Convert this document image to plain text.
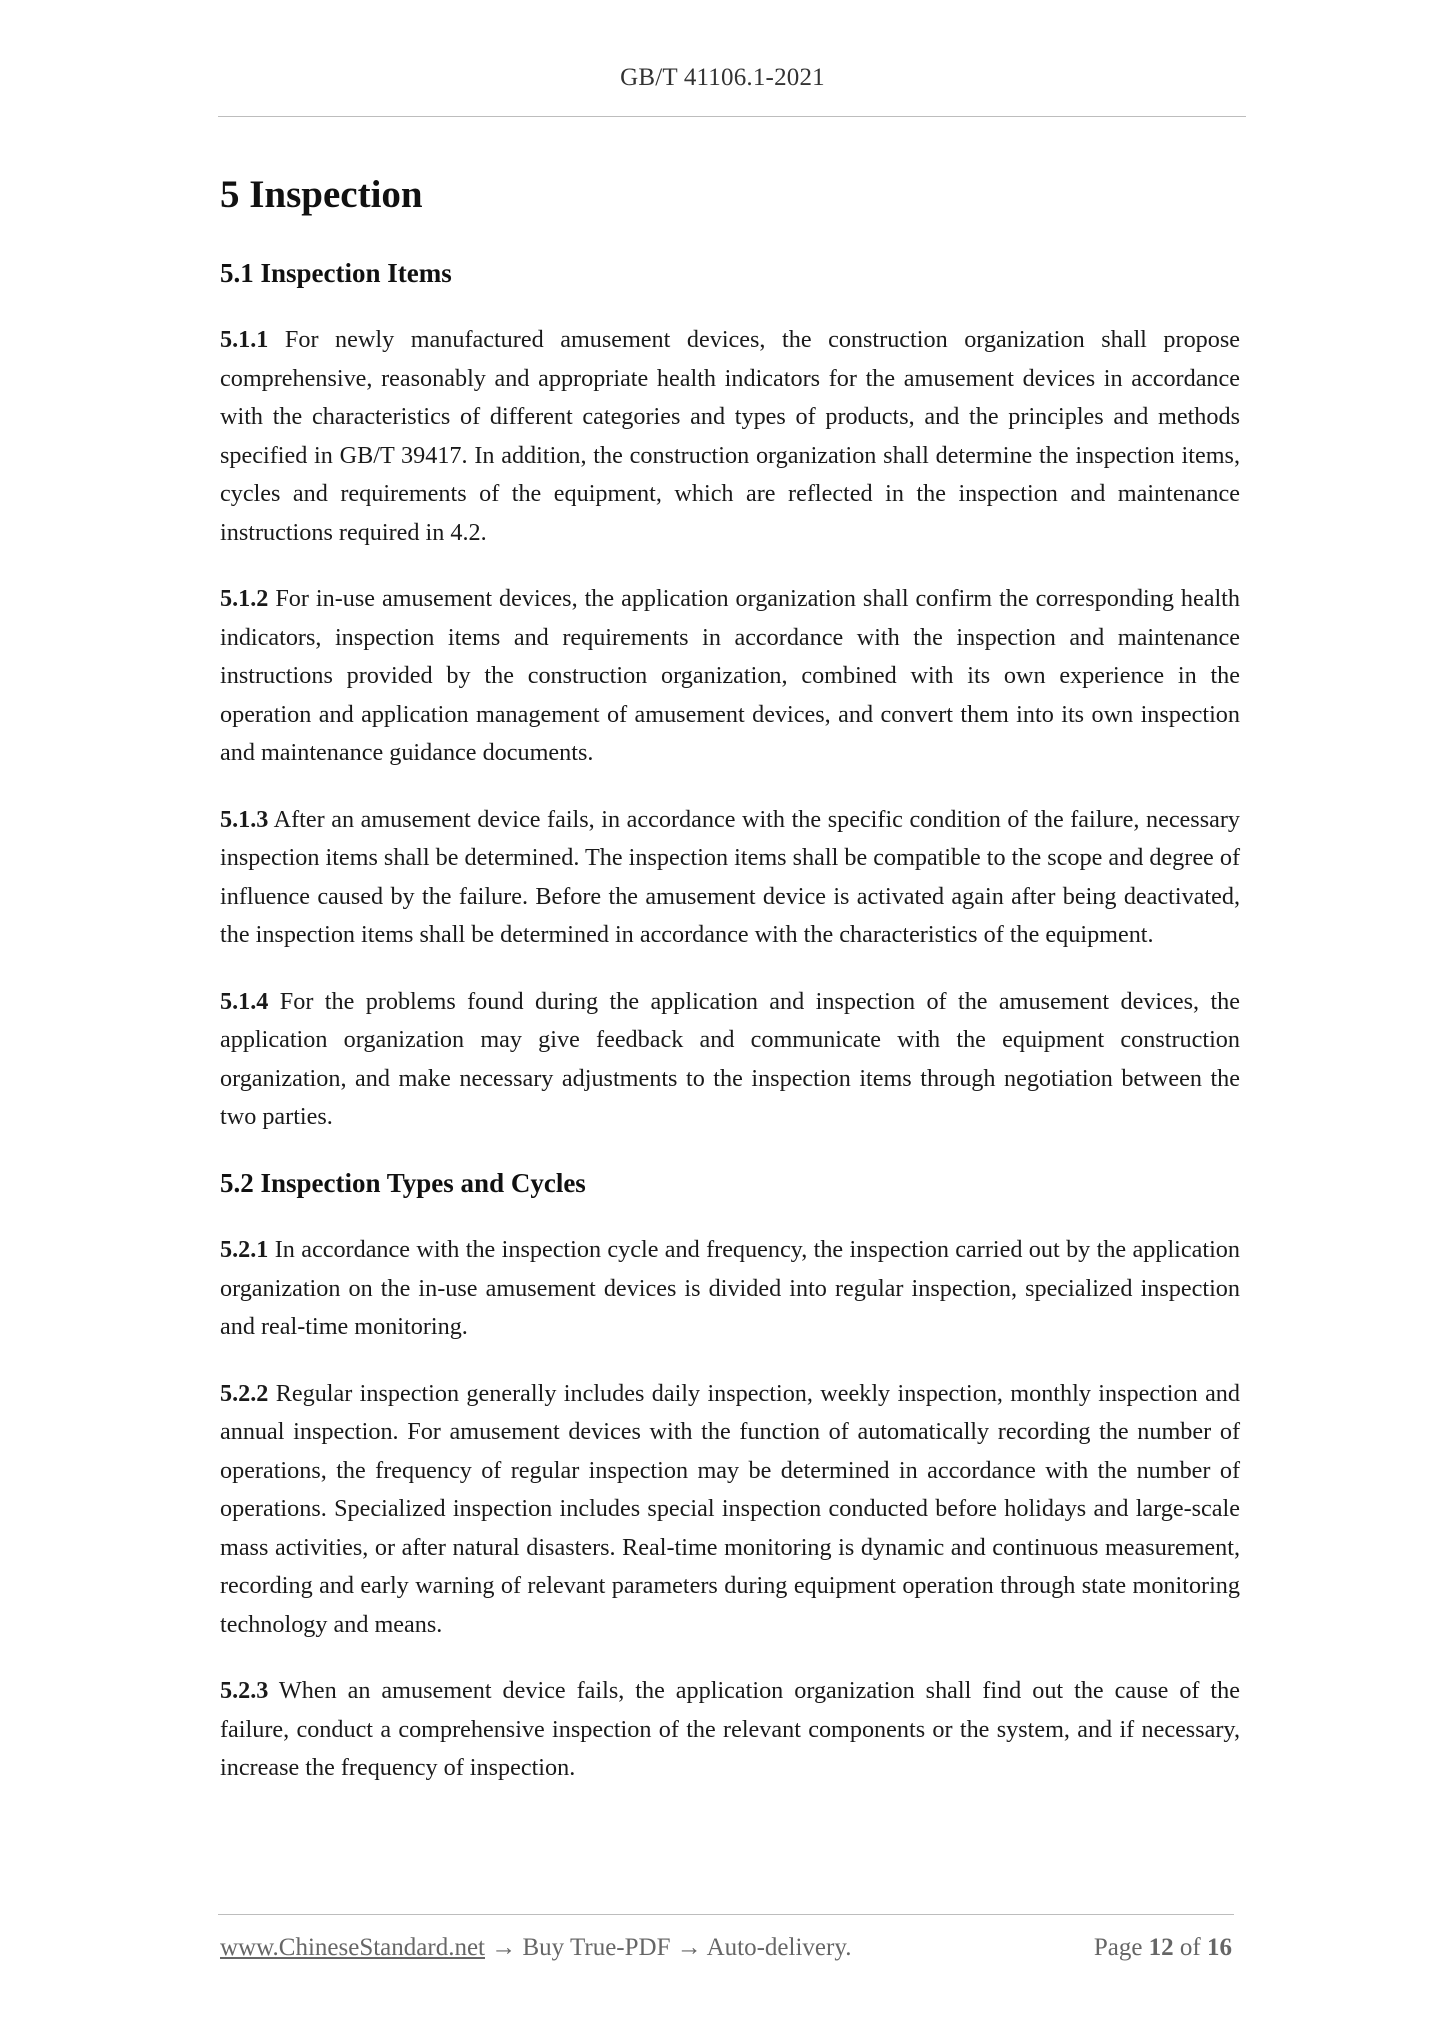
GB/T 41106.1-2021
5 Inspection
5.1 Inspection Items

5.1.1 For newly manufactured amusement devices, the construction organization shall propose comprehensive, reasonably and appropriate health indicators for the amusement devices in accordance with the characteristics of different categories and types of products, and the principles and methods specified in GB/T 39417. In addition, the construction organization shall determine the inspection items, cycles and requirements of the equipment, which are reflected in the inspection and maintenance instructions required in 4.2.

5.1.2 For in-use amusement devices, the application organization shall confirm the corresponding health indicators, inspection items and requirements in accordance with the inspection and maintenance instructions provided by the construction organization, combined with its own experience in the operation and application management of amusement devices, and convert them into its own inspection and maintenance guidance documents.

5.1.3 After an amusement device fails, in accordance with the specific condition of the failure, necessary inspection items shall be determined. The inspection items shall be compatible to the scope and degree of influence caused by the failure. Before the amusement device is activated again after being deactivated, the inspection items shall be determined in accordance with the characteristics of the equipment.

5.1.4 For the problems found during the application and inspection of the amusement devices, the application organization may give feedback and communicate with the equipment construction organization, and make necessary adjustments to the inspection items through negotiation between the two parties.

5.2 Inspection Types and Cycles

5.2.1 In accordance with the inspection cycle and frequency, the inspection carried out by the application organization on the in-use amusement devices is divided into regular inspection, specialized inspection and real-time monitoring.

5.2.2 Regular inspection generally includes daily inspection, weekly inspection, monthly inspection and annual inspection. For amusement devices with the function of automatically recording the number of operations, the frequency of regular inspection may be determined in accordance with the number of operations. Specialized inspection includes special inspection conducted before holidays and large-scale mass activities, or after natural disasters. Real-time monitoring is dynamic and continuous measurement, recording and early warning of relevant parameters during equipment operation through state monitoring technology and means.

5.2.3 When an amusement device fails, the application organization shall find out the cause of the failure, conduct a comprehensive inspection of the relevant components or the system, and if necessary, increase the frequency of inspection.

www.ChineseStandard.net → Buy True-PDF → Auto-delivery.	Page 12 of 16
